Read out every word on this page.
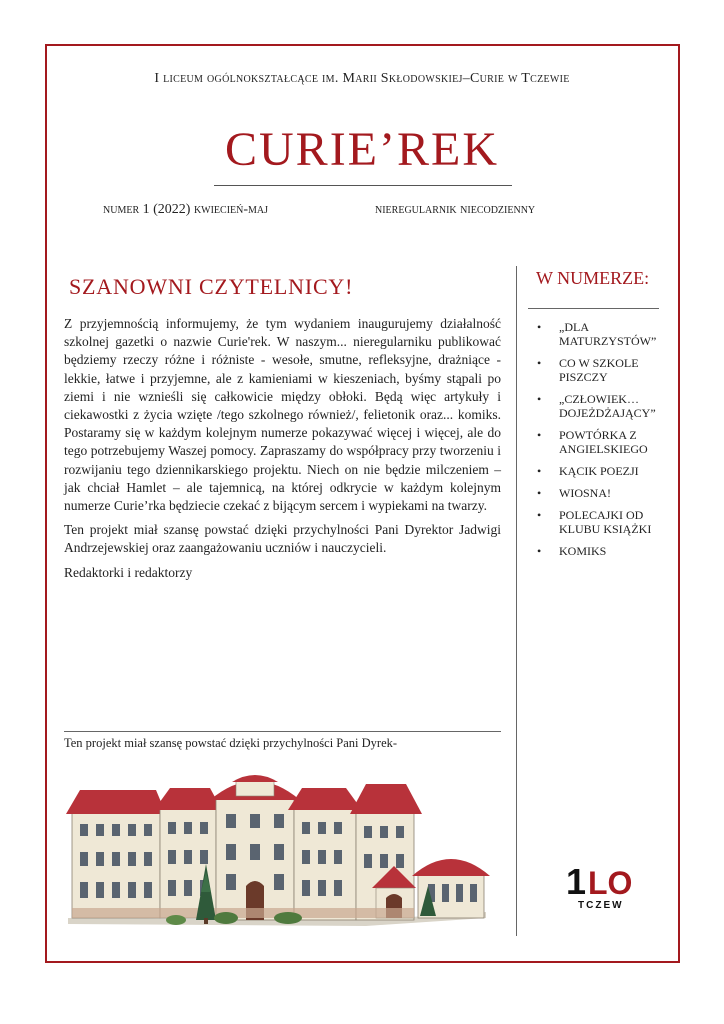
I liceum ogólnokształcące im. Marii Skłodowskiej–Curie w Tczewie
CURIE’REK
numer 1 (2022) kwiecień-maj	nieregularnik niecodzienny
SZANOWNI CZYTELNICY!

Z przyjemnością informujemy, że tym wydaniem inaugurujemy działalność szkolnej gazetki o nazwie Curie'rek. W naszym... nieregularniku publikować będziemy rzeczy różne i różniste - wesołe, smutne, refleksyjne, drażniące - lekkie, łatwe i przyjemne, ale z kamieniami w kieszeniach, byśmy stąpali po ziemi i nie wznieśli się całkowicie między obłoki. Będą więc artykuły i ciekawostki z życia wzięte /tego szkolnego również/, felietonik oraz... komiks. Postaramy się w każdym kolejnym numerze pokazywać więcej i więcej, ale do tego potrzebujemy Waszej pomocy. Zapraszamy do współpracy przy tworzeniu i rozwijaniu tego dziennikarskiego projektu. Niech on nie będzie milczeniem – jak chciał Hamlet – ale tajemnicą, na której odkrycie w każdym kolejnym numerze Curie’rka będziecie czekać z bijącym sercem i wypiekami na twarzy.

Ten projekt miał szansę powstać dzięki przychylności Pani Dyrektor Jadwigi Andrzejewskiej oraz zaangażowaniu uczniów i nauczycieli.

Redaktorki i redaktorzy

W NUMERZE:
• „DLA MATURZYSTÓW”
• CO W SZKOLE PISZCZY
• „CZŁOWIEK… DOJEŻDŻAJĄCY”
• POWTÓRKA Z ANGIELSKIEGO
• KĄCIK POEZJI
• WIOSNA!
• POLECAJKI OD KLUBU KSIĄŻKI
• KOMIKS
Ten projekt miał szansę powstać dzięki przychylności Pani Dyrek-
1 LO
TCZEW
